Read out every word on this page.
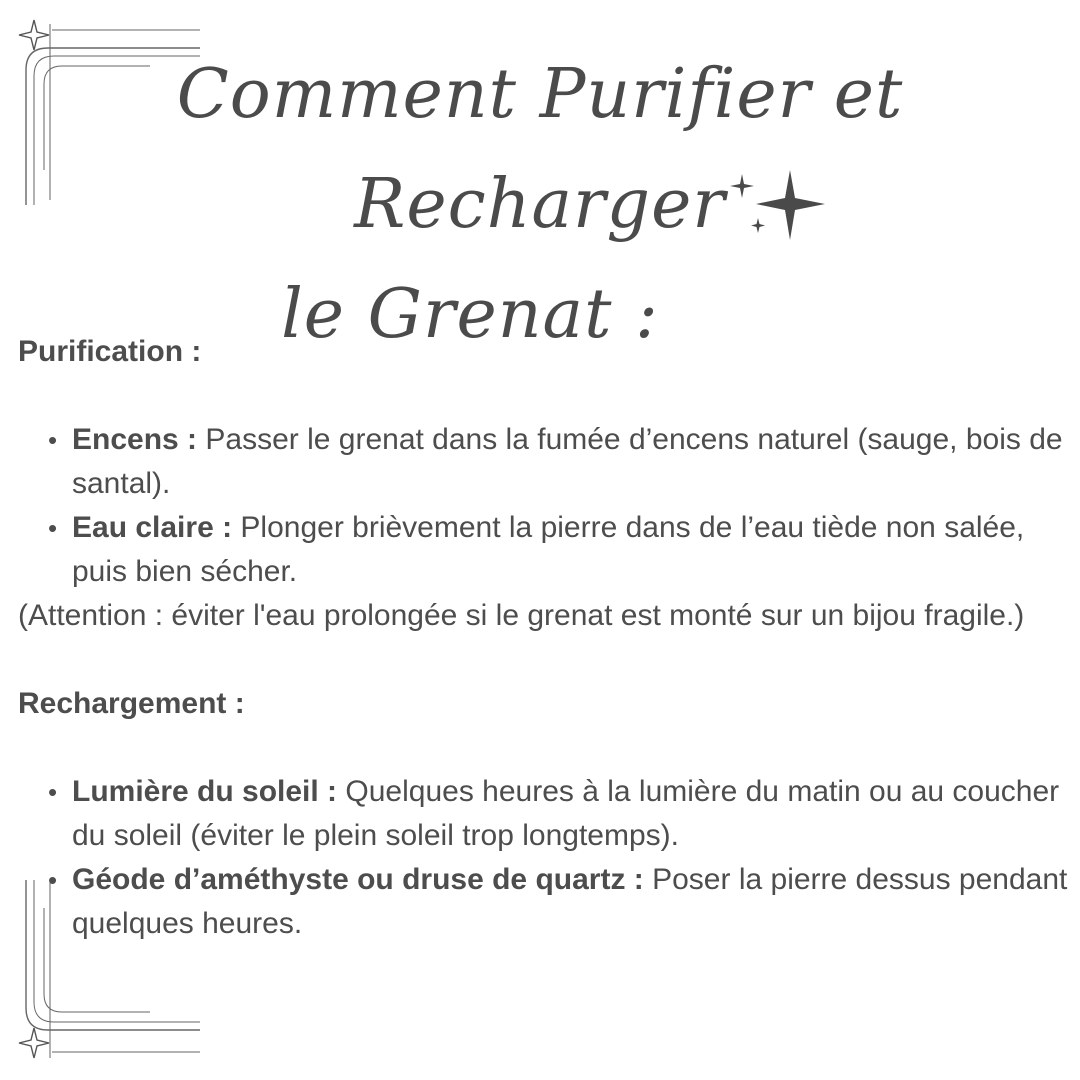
Comment Purifier et Recharger
le Grenat :

Purification :

• Encens : Passer le grenat dans la fumée d’encens naturel (sauge, bois de santal).
• Eau claire : Plonger brièvement la pierre dans de l’eau tiède non salée, puis bien sécher.

(Attention : éviter l'eau prolongée si le grenat est monté sur un bijou fragile.)

Rechargement :

• Lumière du soleil : Quelques heures à la lumière du matin ou au coucher du soleil (éviter le plein soleil trop longtemps).
• Géode d’améthyste ou druse de quartz : Poser la pierre dessus pendant quelques heures.
